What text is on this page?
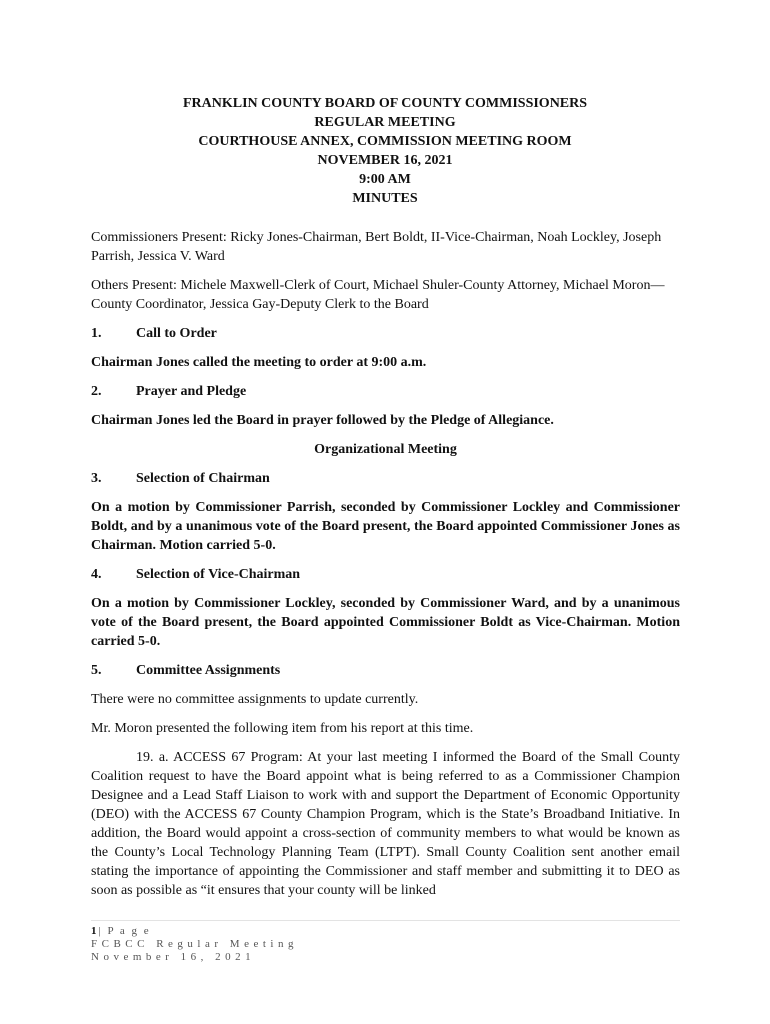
FRANKLIN COUNTY BOARD OF COUNTY COMMISSIONERS
REGULAR MEETING
COURTHOUSE ANNEX, COMMISSION MEETING ROOM
NOVEMBER 16, 2021
9:00 AM
MINUTES

Commissioners Present: Ricky Jones-Chairman, Bert Boldt, II-Vice-Chairman, Noah Lockley, Joseph Parrish, Jessica V. Ward

Others Present: Michele Maxwell-Clerk of Court, Michael Shuler-County Attorney, Michael Moron—County Coordinator, Jessica Gay-Deputy Clerk to the Board

1.	Call to Order

Chairman Jones called the meeting to order at 9:00 a.m.

2.	Prayer and Pledge

Chairman Jones led the Board in prayer followed by the Pledge of Allegiance.

Organizational Meeting
3.	Selection of Chairman

On a motion by Commissioner Parrish, seconded by Commissioner Lockley and Commissioner Boldt, and by a unanimous vote of the Board present, the Board appointed Commissioner Jones as Chairman. Motion carried 5-0.

4.	Selection of Vice-Chairman

On a motion by Commissioner Lockley, seconded by Commissioner Ward, and by a unanimous vote of the Board present, the Board appointed Commissioner Boldt as Vice-Chairman. Motion carried 5-0.

5.	Committee Assignments

There were no committee assignments to update currently.

Mr. Moron presented the following item from his report at this time.

19. a. ACCESS 67 Program: At your last meeting I informed the Board of the Small County Coalition request to have the Board appoint what is being referred to as a Commissioner Champion Designee and a Lead Staff Liaison to work with and support the Department of Economic Opportunity (DEO) with the ACCESS 67 County Champion Program, which is the State’s Broadband Initiative. In addition, the Board would appoint a cross-section of community members to what would be known as the County’s Local Technology Planning Team (LTPT). Small County Coalition sent another email stating the importance of appointing the Commissioner and staff member and submitting it to DEO as soon as possible as “it ensures that your county will be linked

1| P a g e
FCBCC Regular Meeting
November 16, 2021
